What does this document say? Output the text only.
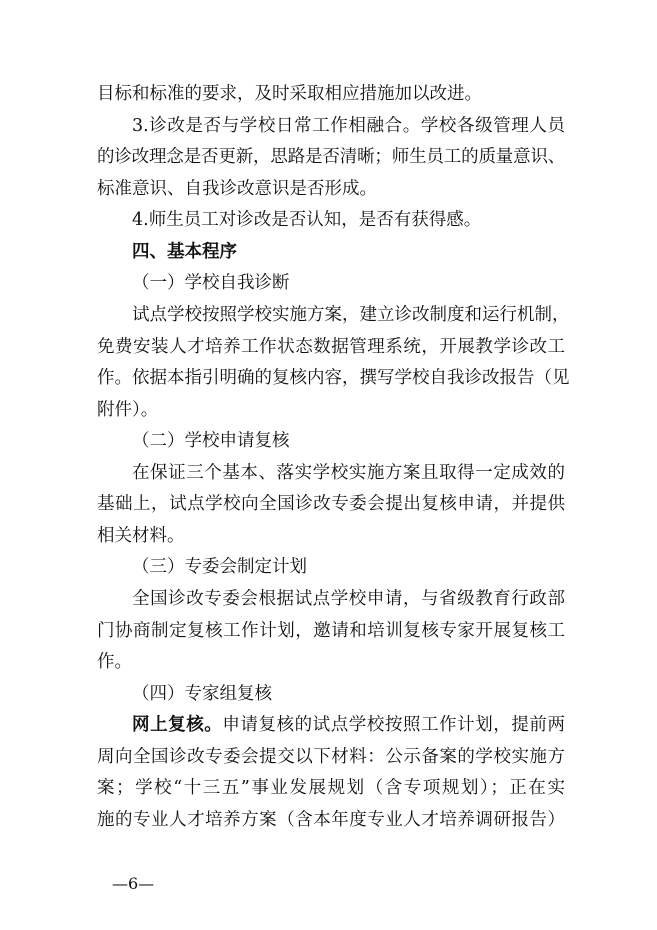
目标和标准的要求，及时采取相应措施加以改进。
3.诊改是否与学校日常工作相融合。学校各级管理人员
的诊改理念是否更新，思路是否清晰；师生员工的质量意识、
标准意识、自我诊改意识是否形成。
4.师生员工对诊改是否认知，是否有获得感。
四、基本程序
（一）学校自我诊断
试点学校按照学校实施方案，建立诊改制度和运行机制，
免费安装人才培养工作状态数据管理系统，开展教学诊改工
作。依据本指引明确的复核内容，撰写学校自我诊改报告（见
附件）。
（二）学校申请复核
在保证三个基本、落实学校实施方案且取得一定成效的
基础上，试点学校向全国诊改专委会提出复核申请，并提供
相关材料。
（三）专委会制定计划
全国诊改专委会根据试点学校申请，与省级教育行政部
门协商制定复核工作计划，邀请和培训复核专家开展复核工
作。
（四）专家组复核
网上复核。申请复核的试点学校按照工作计划，提前两
周向全国诊改专委会提交以下材料：公示备案的学校实施方
案；学校“十三五”事业发展规划（含专项规划）；正在实
施的专业人才培养方案（含本年度专业人才培养调研报告）
—6—
